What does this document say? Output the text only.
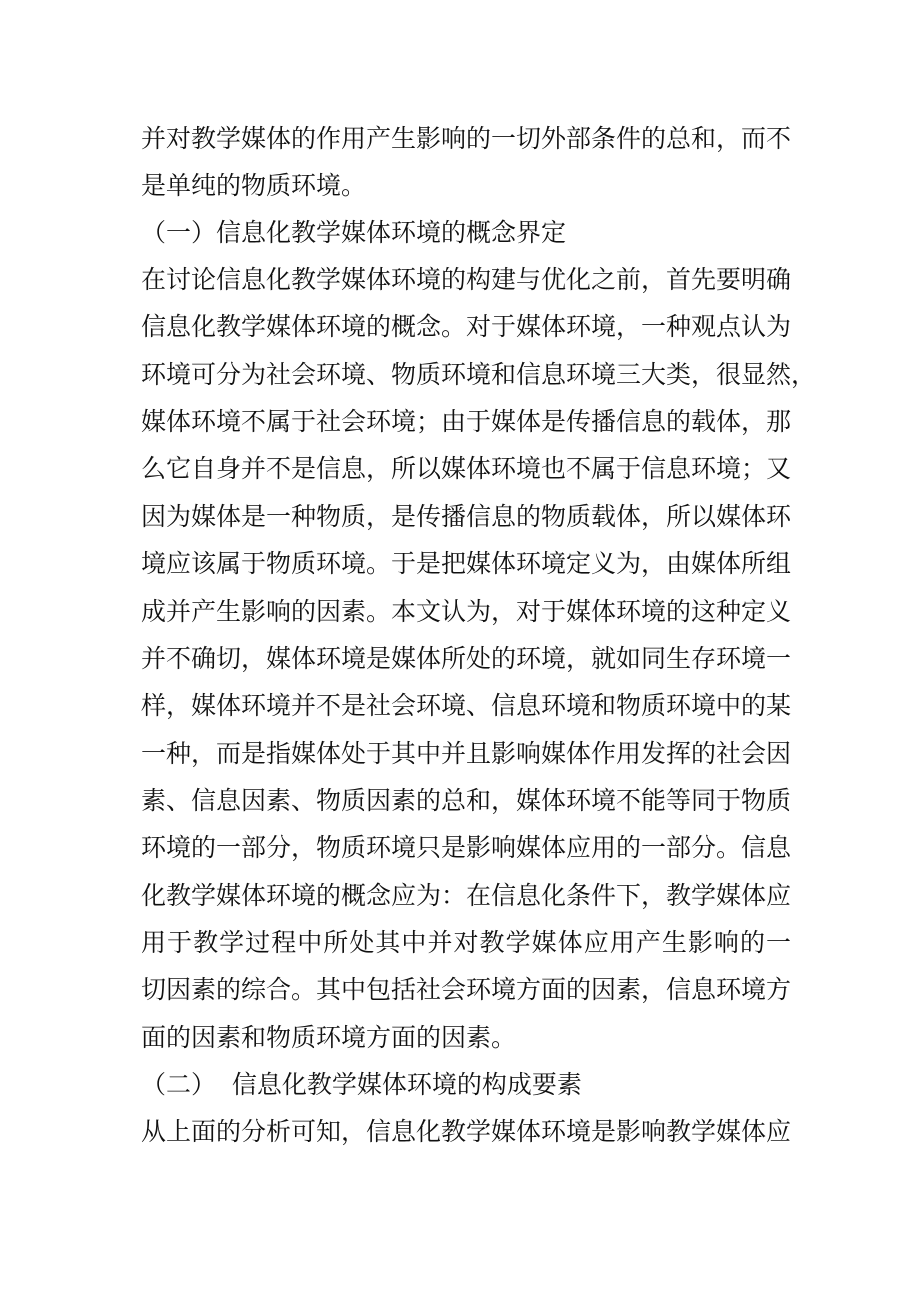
并对教学媒体的作用产生影响的一切外部条件的总和，而不
是单纯的物质环境。
（一）信息化教学媒体环境的概念界定
在讨论信息化教学媒体环境的构建与优化之前，首先要明确
信息化教学媒体环境的概念。对于媒体环境，一种观点认为
环境可分为社会环境、物质环境和信息环境三大类，很显然，
媒体环境不属于社会环境；由于媒体是传播信息的载体，那
么它自身并不是信息，所以媒体环境也不属于信息环境；又
因为媒体是一种物质，是传播信息的物质载体，所以媒体环
境应该属于物质环境。于是把媒体环境定义为，由媒体所组
成并产生影响的因素。本文认为，对于媒体环境的这种定义
并不确切，媒体环境是媒体所处的环境，就如同生存环境一
样，媒体环境并不是社会环境、信息环境和物质环境中的某
一种，而是指媒体处于其中并且影响媒体作用发挥的社会因
素、信息因素、物质因素的总和，媒体环境不能等同于物质
环境的一部分，物质环境只是影响媒体应用的一部分。信息
化教学媒体环境的概念应为：在信息化条件下，教学媒体应
用于教学过程中所处其中并对教学媒体应用产生影响的一
切因素的综合。其中包括社会环境方面的因素，信息环境方
面的因素和物质环境方面的因素。
（二）  信息化教学媒体环境的构成要素
从上面的分析可知，信息化教学媒体环境是影响教学媒体应
